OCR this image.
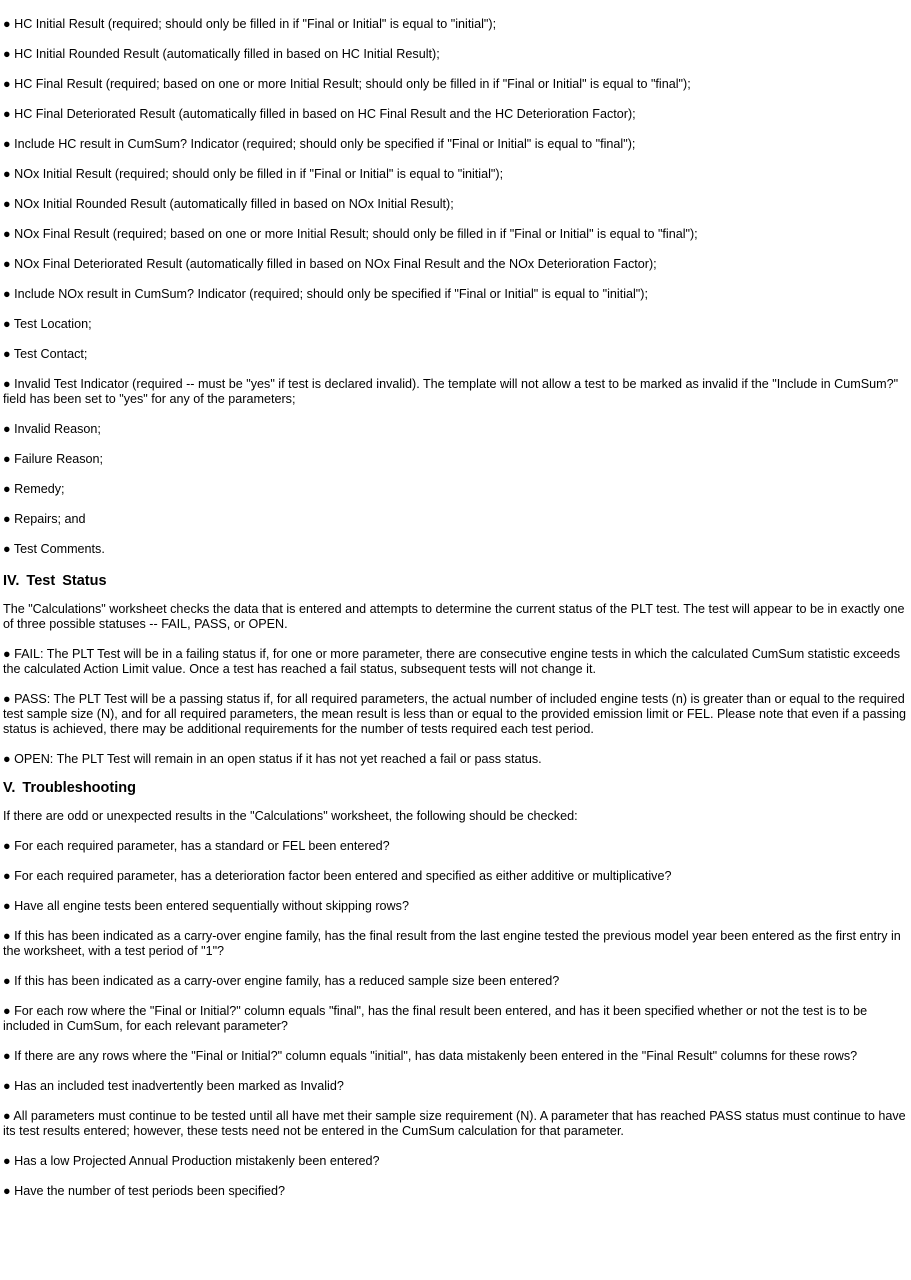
● HC Initial Result (required; should only be filled in if "Final or Initial" is equal to "initial");

● HC Initial Rounded Result (automatically filled in based on HC Initial Result);

● HC Final Result (required; based on one or more Initial Result; should only be filled in if "Final or Initial" is equal to "final");

● HC Final Deteriorated Result (automatically filled in based on HC Final Result and the HC Deterioration Factor);

● Include HC result in CumSum? Indicator (required; should only be specified if "Final or Initial" is equal to "final");

● NOx Initial Result (required; should only be filled in if "Final or Initial" is equal to "initial");

● NOx Initial Rounded Result (automatically filled in based on NOx Initial Result);

● NOx Final Result (required; based on one or more Initial Result; should only be filled in if "Final or Initial" is equal to "final");

● NOx Final Deteriorated Result (automatically filled in based on NOx Final Result and the NOx Deterioration Factor);

● Include NOx result in CumSum? Indicator (required; should only be specified if "Final or Initial" is equal to "initial");

● Test Location;

● Test Contact;

● Invalid Test Indicator (required -- must be "yes" if test is declared invalid). The template will not allow a test to be marked as invalid if the "Include in CumSum?" field has been set to "yes" for any of the parameters;

● Invalid Reason;

● Failure Reason;

● Remedy;

● Repairs; and

● Test Comments.

IV. Test Status

The "Calculations" worksheet checks the data that is entered and attempts to determine the current status of the PLT test. The test will appear to be in exactly one of three possible statuses -- FAIL, PASS, or OPEN.

● FAIL: The PLT Test will be in a failing status if, for one or more parameter, there are consecutive engine tests in which the calculated CumSum statistic exceeds the calculated Action Limit value. Once a test has reached a fail status, subsequent tests will not change it.

● PASS: The PLT Test will be a passing status if, for all required parameters, the actual number of included engine tests (n) is greater than or equal to the required test sample size (N), and for all required parameters, the mean result is less than or equal to the provided emission limit or FEL. Please note that even if a passing status is achieved, there may be additional requirements for the number of tests required each test period.

● OPEN: The PLT Test will remain in an open status if it has not yet reached a fail or pass status.

V. Troubleshooting

If there are odd or unexpected results in the "Calculations" worksheet, the following should be checked:

● For each required parameter, has a standard or FEL been entered?

● For each required parameter, has a deterioration factor been entered and specified as either additive or multiplicative?

● Have all engine tests been entered sequentially without skipping rows?

● If this has been indicated as a carry-over engine family, has the final result from the last engine tested the previous model year been entered as the first entry in the worksheet, with a test period of "1"?

● If this has been indicated as a carry-over engine family, has a reduced sample size been entered?

● For each row where the "Final or Initial?" column equals "final", has the final result been entered, and has it been specified whether or not the test is to be included in CumSum, for each relevant parameter?

● If there are any rows where the "Final or Initial?" column equals "initial", has data mistakenly been entered in the "Final Result" columns for these rows?

● Has an included test inadvertently been marked as Invalid?

● All parameters must continue to be tested until all have met their sample size requirement (N). A parameter that has reached PASS status must continue to have its test results entered; however, these tests need not be entered in the CumSum calculation for that parameter.

● Has a low Projected Annual Production mistakenly been entered?

● Have the number of test periods been specified?
